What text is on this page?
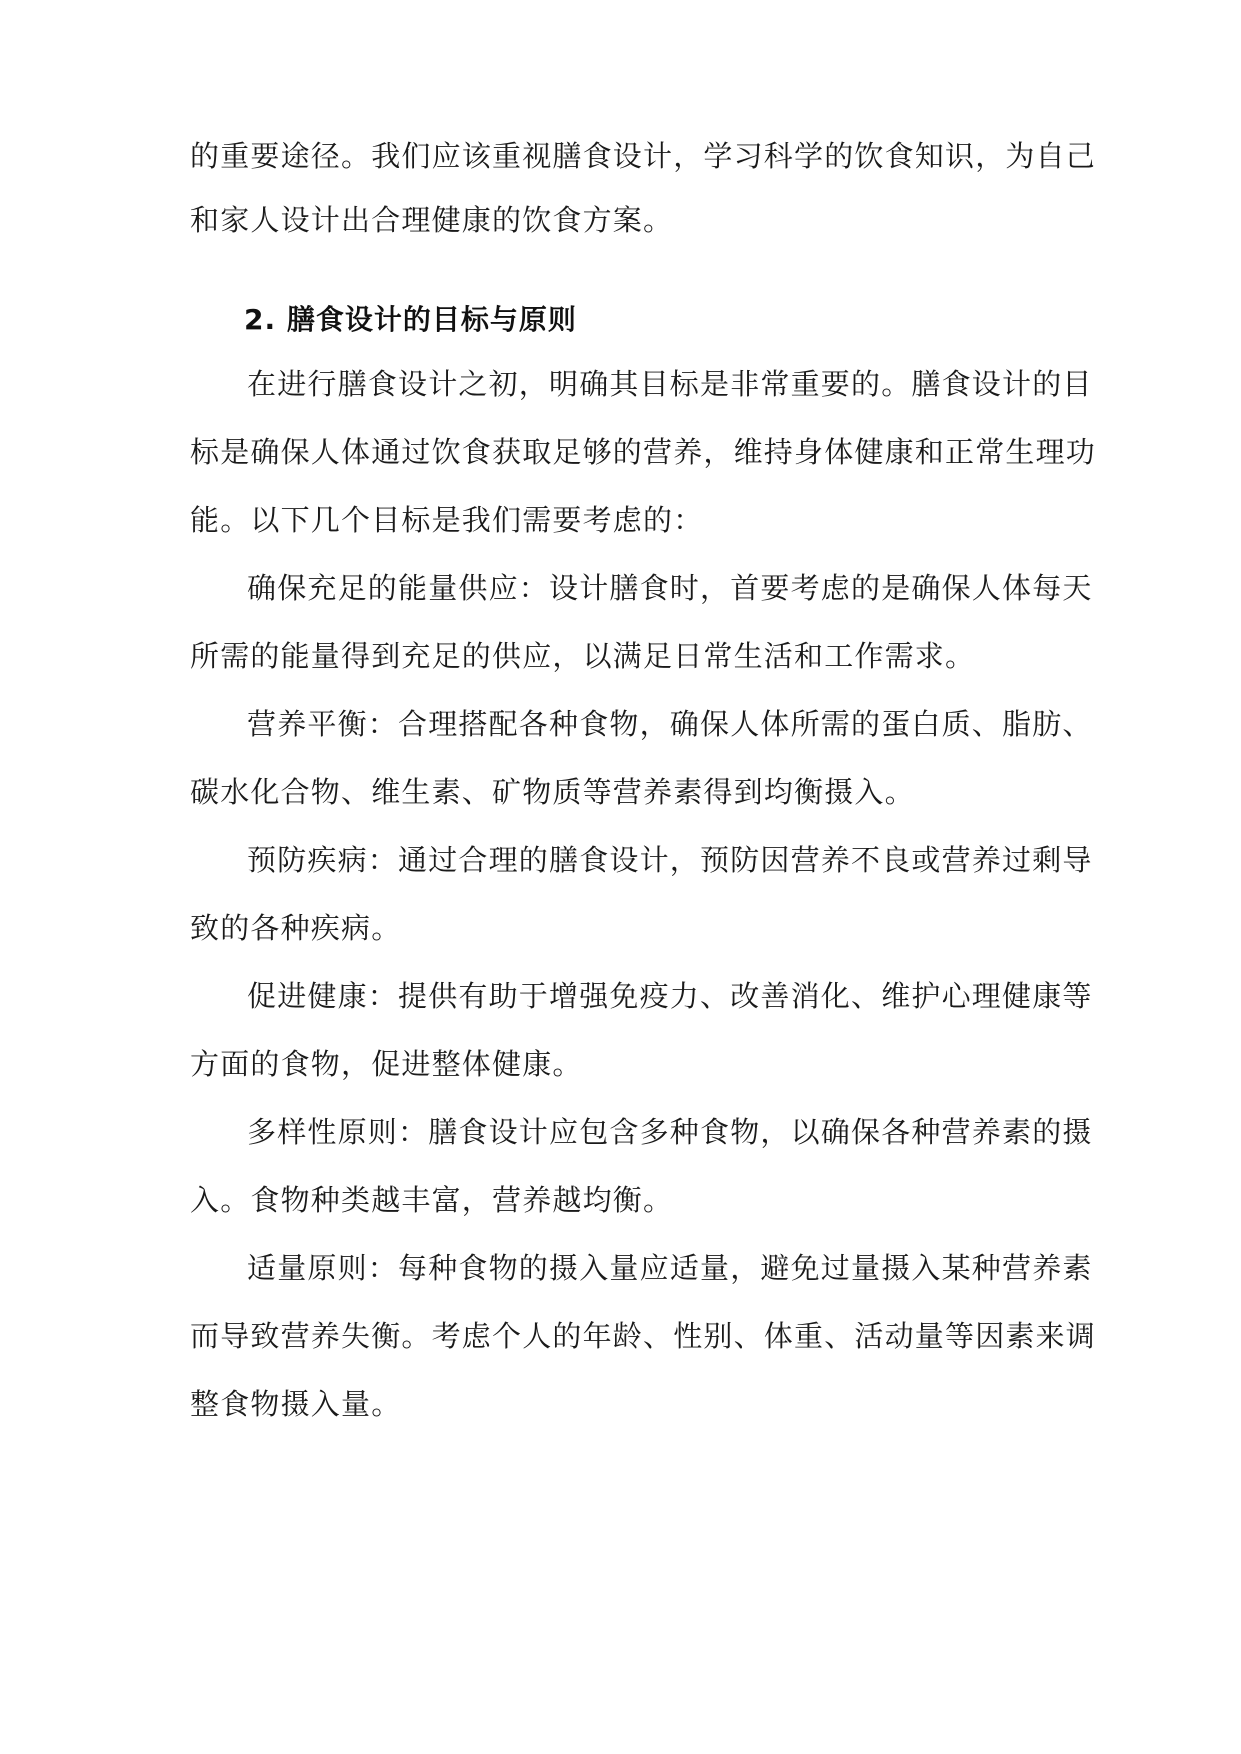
的重要途径。我们应该重视膳食设计，学习科学的饮食知识，为自己
和家人设计出合理健康的饮食方案。
2. 膳食设计的目标与原则
在进行膳食设计之初，明确其目标是非常重要的。膳食设计的目
标是确保人体通过饮食获取足够的营养，维持身体健康和正常生理功
能。以下几个目标是我们需要考虑的：
确保充足的能量供应：设计膳食时，首要考虑的是确保人体每天
所需的能量得到充足的供应，以满足日常生活和工作需求。
营养平衡：合理搭配各种食物，确保人体所需的蛋白质、脂肪、
碳水化合物、维生素、矿物质等营养素得到均衡摄入。
预防疾病：通过合理的膳食设计，预防因营养不良或营养过剩导
致的各种疾病。
促进健康：提供有助于增强免疫力、改善消化、维护心理健康等
方面的食物，促进整体健康。
多样性原则：膳食设计应包含多种食物，以确保各种营养素的摄
入。食物种类越丰富，营养越均衡。
适量原则：每种食物的摄入量应适量，避免过量摄入某种营养素
而导致营养失衡。考虑个人的年龄、性别、体重、活动量等因素来调
整食物摄入量。
